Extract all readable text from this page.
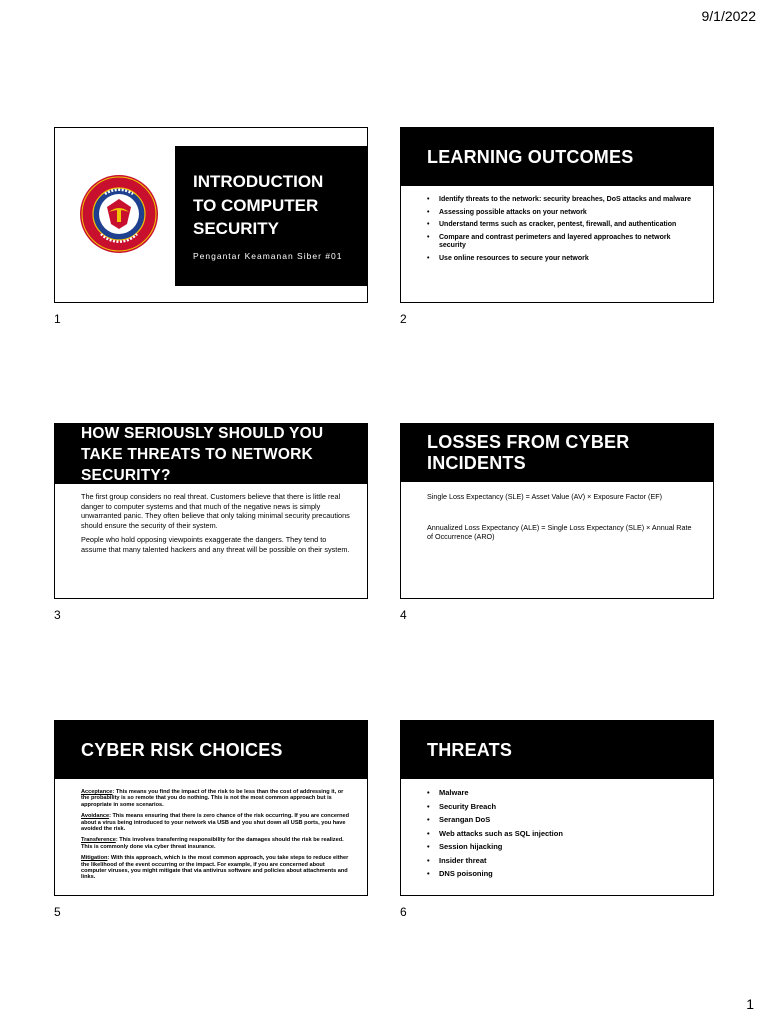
9/1/2022
INTRODUCTION TO COMPUTER SECURITY
Pengantar Keamanan Siber #01
1
LEARNING OUTCOMES
• Identify threats to the network: security breaches, DoS attacks and malware
• Assessing possible attacks on your network
• Understand terms such as cracker, pentest, firewall, and authentication
• Compare and contrast perimeters and layered approaches to network security
• Use online resources to secure your network
2
HOW SERIOUSLY SHOULD YOU TAKE THREATS TO NETWORK SECURITY?

The first group considers no real threat. Customers believe that there is little real danger to computer systems and that much of the negative news is simply unwarranted panic. They often believe that only taking minimal security precautions should ensure the security of their system.

People who hold opposing viewpoints exaggerate the dangers. They tend to assume that many talented hackers and any threat will be possible on their system.

3
LOSSES FROM CYBER INCIDENTS

Single Loss Expectancy (SLE) = Asset Value (AV) × Exposure Factor (EF)

Annualized Loss Expectancy (ALE) = Single Loss Expectancy (SLE) × Annual Rate of Occurrence (ARO)

4
CYBER RISK CHOICES

Acceptance: This means you find the impact of the risk to be less than the cost of addressing it, or the probability is so remote that you do nothing. This is not the most common approach but is appropriate in some scenarios.

Avoidance: This means ensuring that there is zero chance of the risk occurring. If you are concerned about a virus being introduced to your network via USB and you shut down all USB ports, you have avoided the risk.

Transference: This involves transferring responsibility for the damages should the risk be realized. This is commonly done via cyber threat insurance.

Mitigation: With this approach, which is the most common approach, you take steps to reduce either the likelihood of the event occurring or the impact. For example, if you are concerned about computer viruses, you might mitigate that via antivirus software and policies about attachments and links.

5
THREATS
• Malware
• Security Breach
• Serangan DoS
• Web attacks such as SQL injection
• Session hijacking
• Insider threat
• DNS poisoning
6
1
